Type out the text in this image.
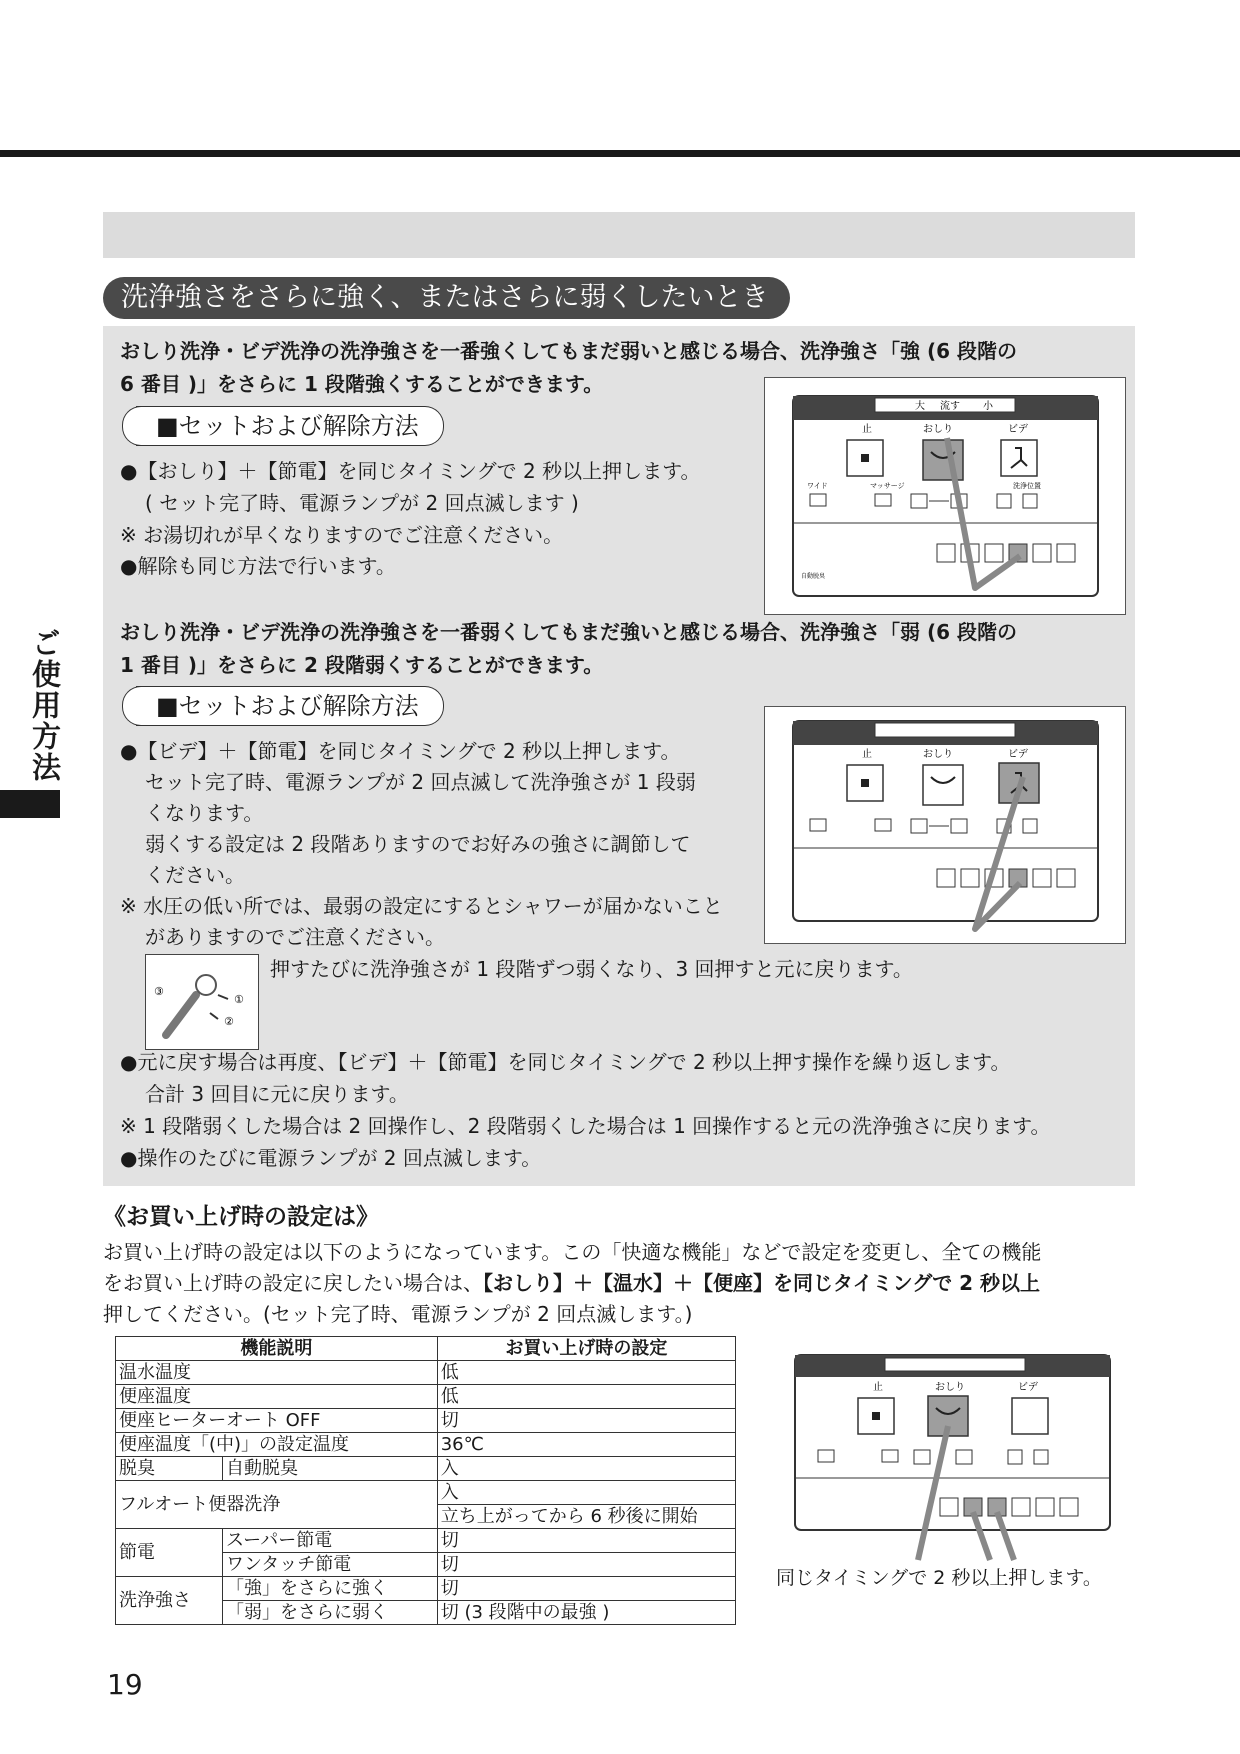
ご使用方法
洗浄強さをさらに強く、またはさらに弱くしたいとき
おしり洗浄・ビデ洗浄の洗浄強さを一番強くしてもまだ弱いと感じる場合、洗浄強さ「強 (6 段階の
6 番目 )」をさらに 1 段階強くすることができます。
■セットおよび解除方法
●【おしり】＋【節電】を同じタイミングで 2 秒以上押します。
( セット完了時、電源ランプが 2 回点滅します )
※ お湯切れが早くなりますのでご注意ください。
●解除も同じ方法で行います。
大 流す 小
止	おしり	ビデ
ワイド	マッサージ	洗浄位置
自動脱臭
おしり洗浄・ビデ洗浄の洗浄強さを一番弱くしてもまだ強いと感じる場合、洗浄強さ「弱 (6 段階の
1 番目 )」をさらに 2 段階弱くすることができます。
■セットおよび解除方法
●【ビデ】＋【節電】を同じタイミングで 2 秒以上押します。
セット完了時、電源ランプが 2 回点滅して洗浄強さが 1 段弱
くなります。
弱くする設定は 2 段階ありますのでお好みの強さに調節して
ください。
※ 水圧の低い所では、最弱の設定にするとシャワーが届かないこと
がありますのでご注意ください。
③
①
②
押すたびに洗浄強さが 1 段階ずつ弱くなり、3 回押すと元に戻ります。
止	おしり	ビデ
●元に戻す場合は再度、【ビデ】＋【節電】を同じタイミングで 2 秒以上押す操作を繰り返します。
合計 3 回目に元に戻ります。
※ 1 段階弱くした場合は 2 回操作し、2 段階弱くした場合は 1 回操作すると元の洗浄強さに戻ります。
●操作のたびに電源ランプが 2 回点滅します。
《お買い上げ時の設定は》
お買い上げ時の設定は以下のようになっています。この「快適な機能」などで設定を変更し、全ての機能
をお買い上げ時の設定に戻したい場合は、【おしり】＋【温水】＋【便座】を同じタイミングで 2 秒以上
押してください。(セット完了時、電源ランプが 2 回点滅します。)
機能説明		お買い上げ時の設定
温水温度		低
便座温度		低
便座ヒーターオート OFF		切
便座温度「(中)」の設定温度		36℃
脱臭	自動脱臭	入
フルオート便器洗浄		入
		立ち上がってから 6 秒後に開始
節電	スーパー節電	切
	ワンタッチ節電	切
洗浄強さ	「強」をさらに強く	切
	「弱」をさらに弱く	切 (3 段階中の最強 )
止	おしり	ビデ
同じタイミングで 2 秒以上押します。
19
